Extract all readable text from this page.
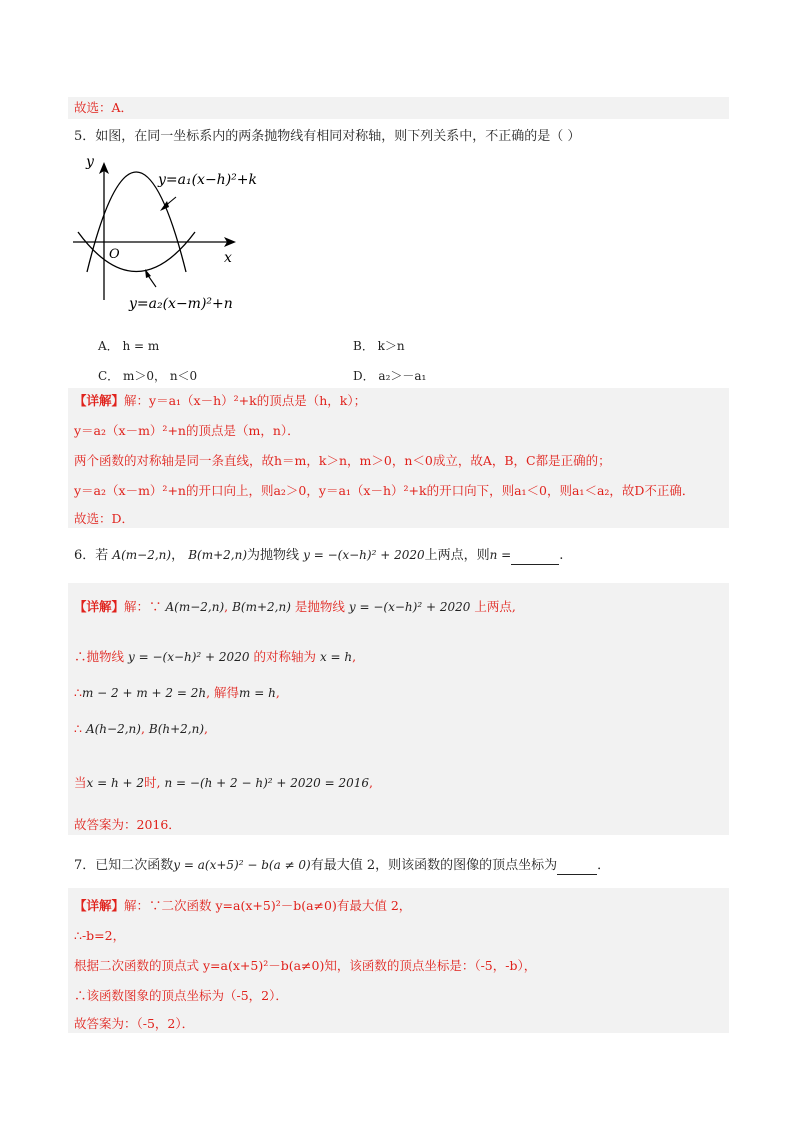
故选：A．
5．如图，在同一坐标系内的两条抛物线有相同对称轴，则下列关系中，不正确的是（ ）
y
x
O
y=a₁(x−h)²+k
y=a₂(x−m)²+n
A． h = m	B． k＞n
C． m＞0， n＜0	D． a₂＞－a₁
【详解】解：y＝a₁（x－h）²+k的顶点是（h，k）；
y＝a₂（x－m）²+n的顶点是（m，n）．
两个函数的对称轴是同一条直线，故h＝m，k＞n，m＞0，n＜0成立，故A，B，C都是正确的；
y＝a₂（x－m）²+n的开口向上，则a₂＞0，y＝a₁（x－h）²+k的开口向下，则a₁＜0，则a₁＜a₂，故D不正确．
故选：D．
6．若 A(m−2,n)， B(m+2,n)为抛物线 y = −(x−h)² + 2020上两点，则n =	.
【详解】解：∵ A(m−2,n), B(m+2,n) 是抛物线 y = −(x−h)² + 2020 上两点,
∴抛物线 y = −(x−h)² + 2020 的对称轴为 x = h,
∴m − 2 + m + 2 = 2h, 解得m = h,
∴ A(h−2,n), B(h+2,n),
当x = h + 2时, n = −(h + 2 − h)² + 2020 = 2016,
故答案为：2016．
7．已知二次函数y = a(x+5)² − b(a ≠ 0)有最大值 2，则该函数的图像的顶点坐标为	．
【详解】解：∵二次函数 y=a(x+5)²－b(a≠0)有最大值 2，
∴-b=2，
根据二次函数的顶点式 y=a(x+5)²－b(a≠0)知，该函数的顶点坐标是：（-5，-b），
∴该函数图象的顶点坐标为（-5，2）．
故答案为：（-5，2）．
